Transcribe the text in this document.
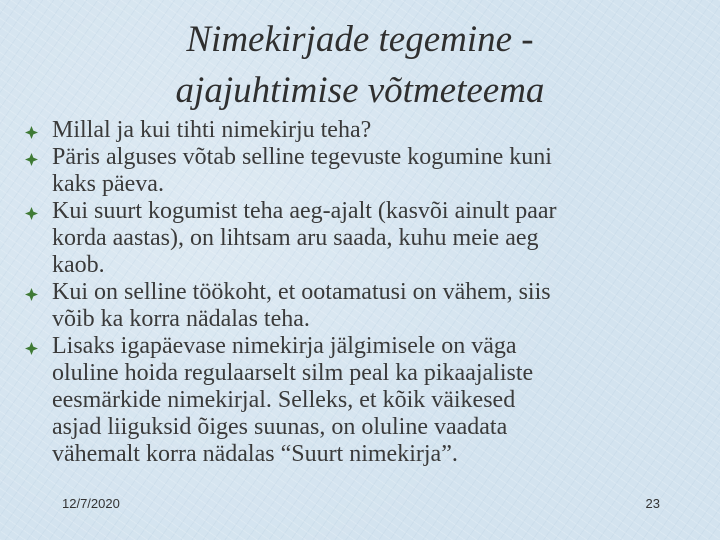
Nimekirjade tegemine -
ajajuhtimise võtmeteema
Millal ja kui tihti nimekirju teha?
Päris alguses võtab selline tegevuste kogumine kuni
kaks päeva.
Kui suurt kogumist teha aeg-ajalt (kasvõi ainult paar
korda aastas), on lihtsam aru saada, kuhu meie aeg
kaob.
Kui on selline töökoht, et ootamatusi on vähem, siis
võib ka korra nädalas teha.
Lisaks igapäevase nimekirja jälgimisele on väga
oluline hoida regulaarselt silm peal ka pikaajaliste
eesmärkide nimekirjal. Selleks, et kõik väikesed
asjad liiguksid õiges suunas, on oluline vaadata
vähemalt korra nädalas “Suurt nimekirja”.
12/7/2020	23
